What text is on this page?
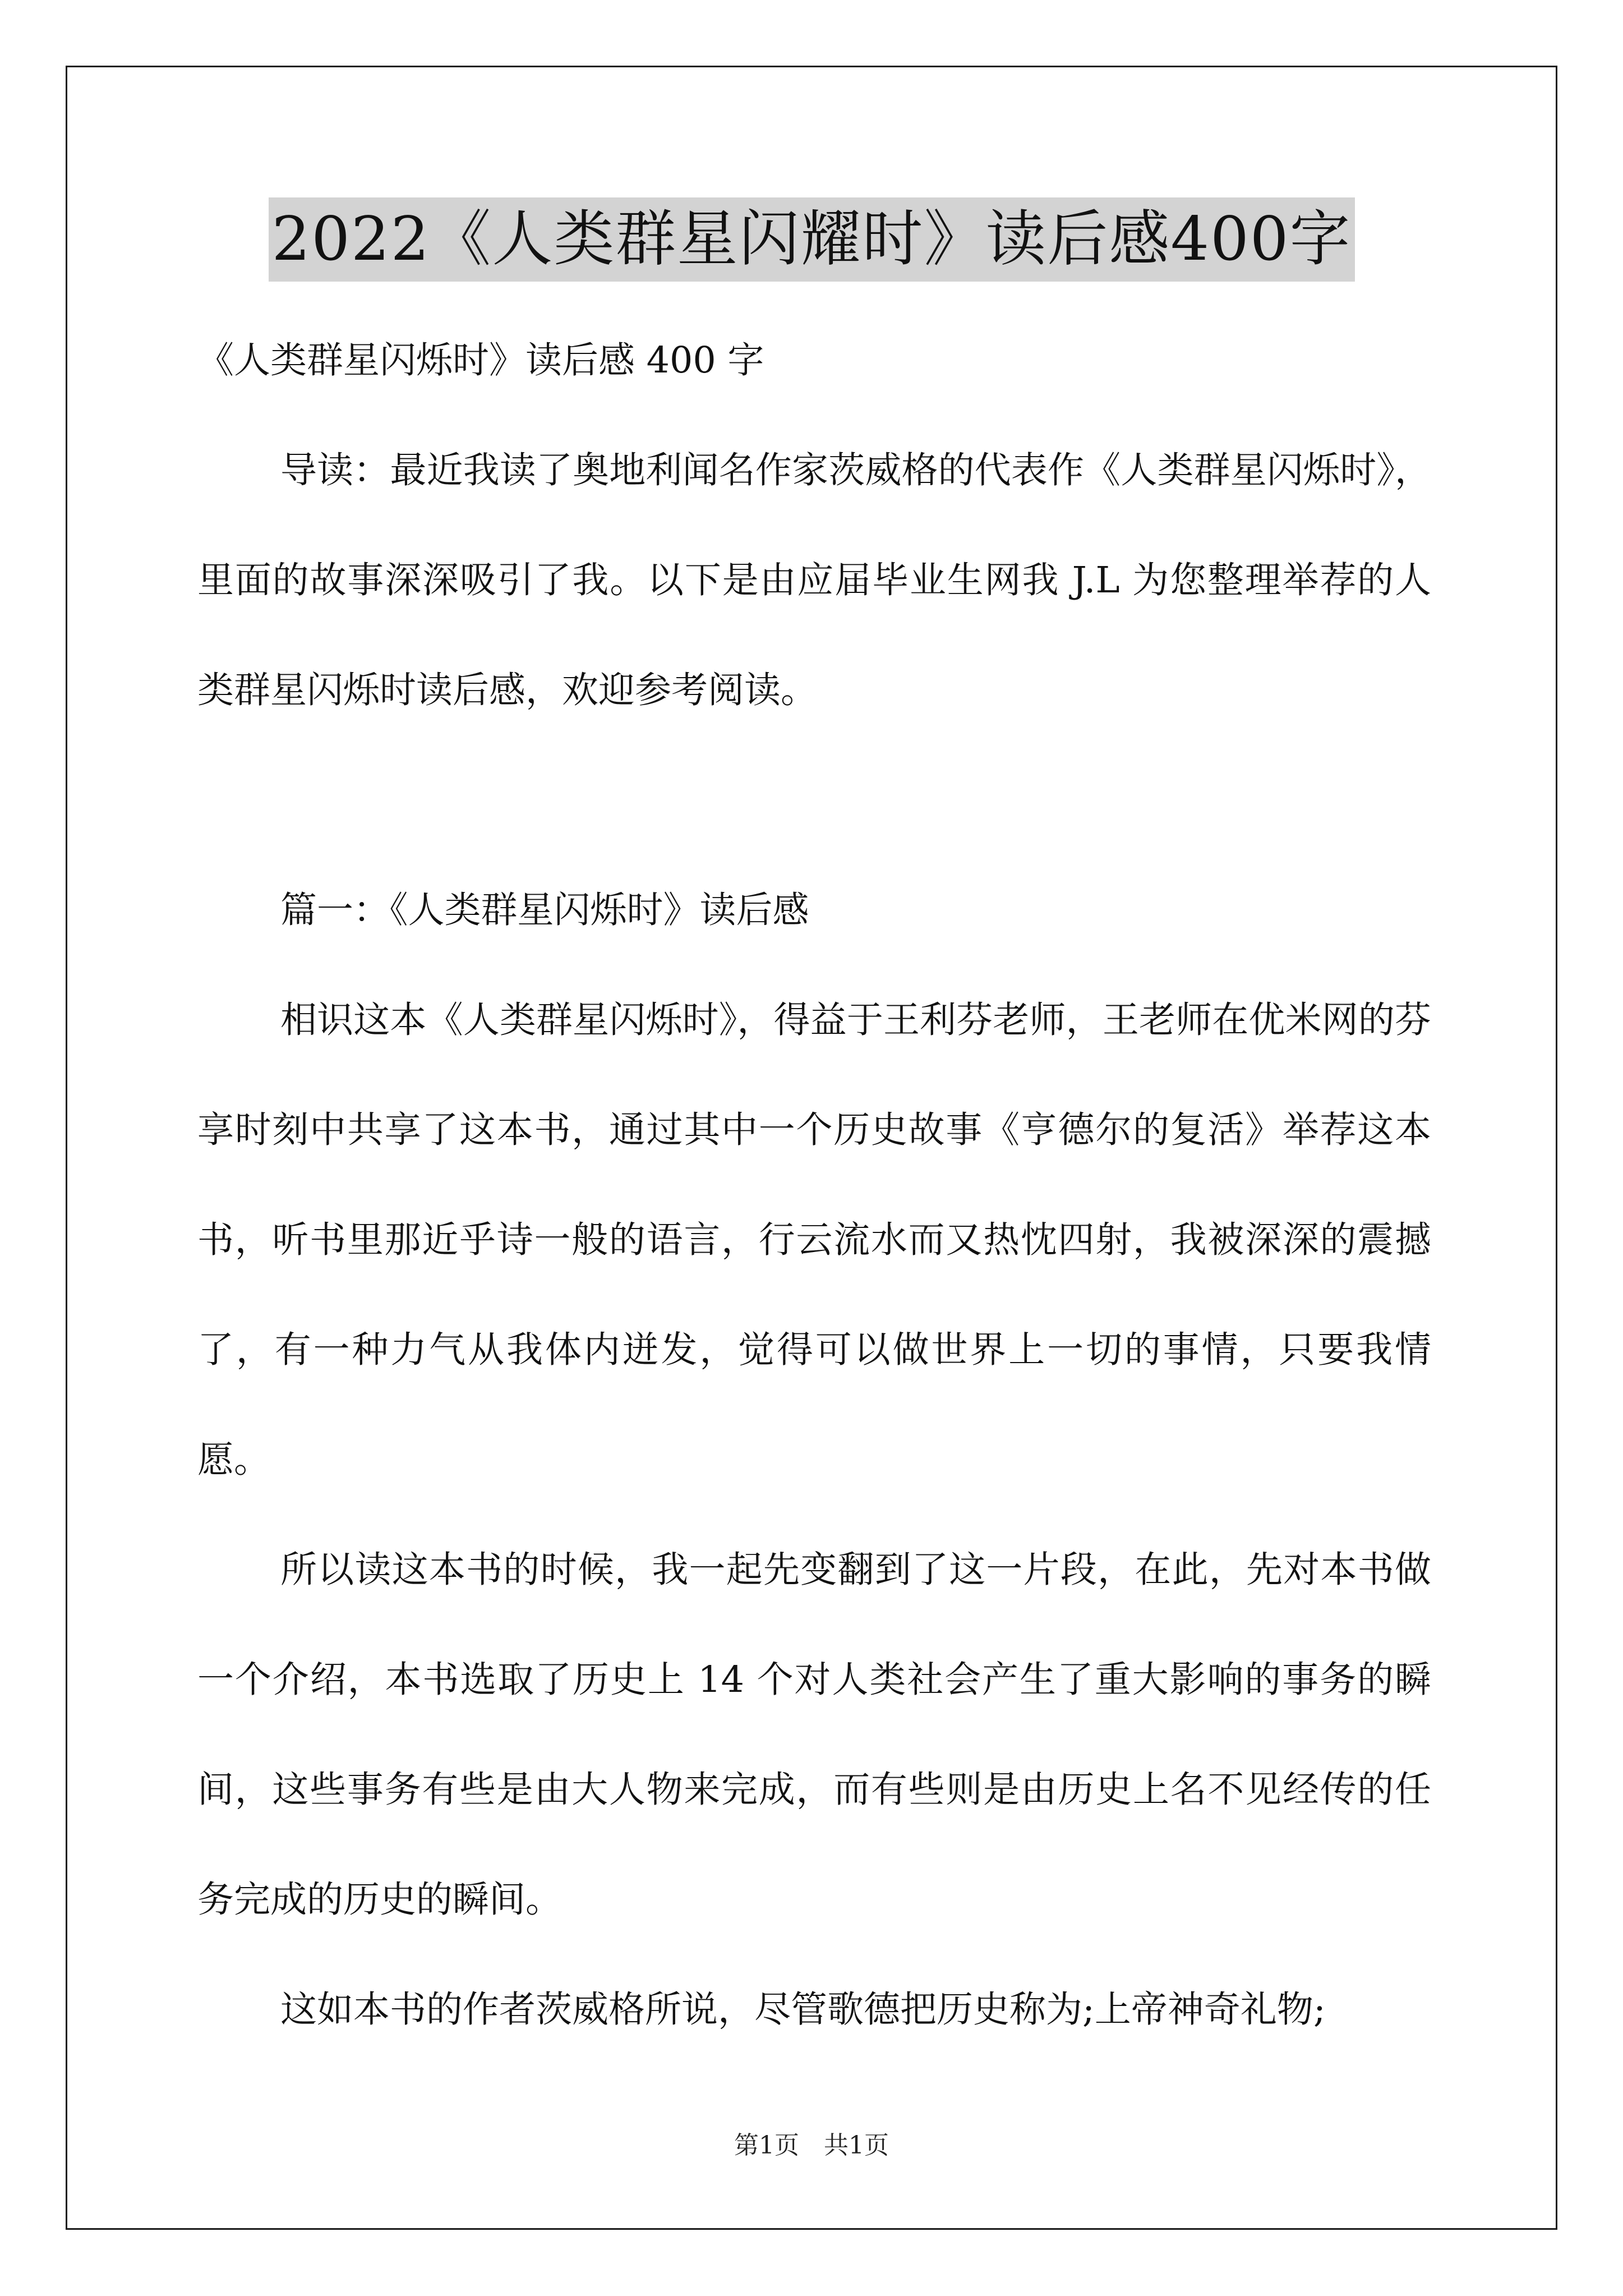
2022《人类群星闪耀时》读后感400字

《人类群星闪烁时》读后感 400 字

导读：最近我读了奥地利闻名作家茨威格的代表作《人类群星闪烁时》，里面的故事深深吸引了我。以下是由应届毕业生网我 J.L 为您整理举荐的人类群星闪烁时读后感，欢迎参考阅读。

篇一：《人类群星闪烁时》读后感

相识这本《人类群星闪烁时》，得益于王利芬老师，王老师在优米网的芬享时刻中共享了这本书，通过其中一个历史故事《亨德尔的复活》举荐这本书，听书里那近乎诗一般的语言，行云流水而又热忱四射，我被深深的震撼了，有一种力气从我体内迸发，觉得可以做世界上一切的事情，只要我情愿。

所以读这本书的时候，我一起先变翻到了这一片段，在此，先对本书做一个介绍，本书选取了历史上 14 个对人类社会产生了重大影响的事务的瞬间，这些事务有些是由大人物来完成，而有些则是由历史上名不见经传的任务完成的历史的瞬间。

这如本书的作者茨威格所说，尽管歌德把历史称为;上帝神奇礼物;

第1页　共1页
